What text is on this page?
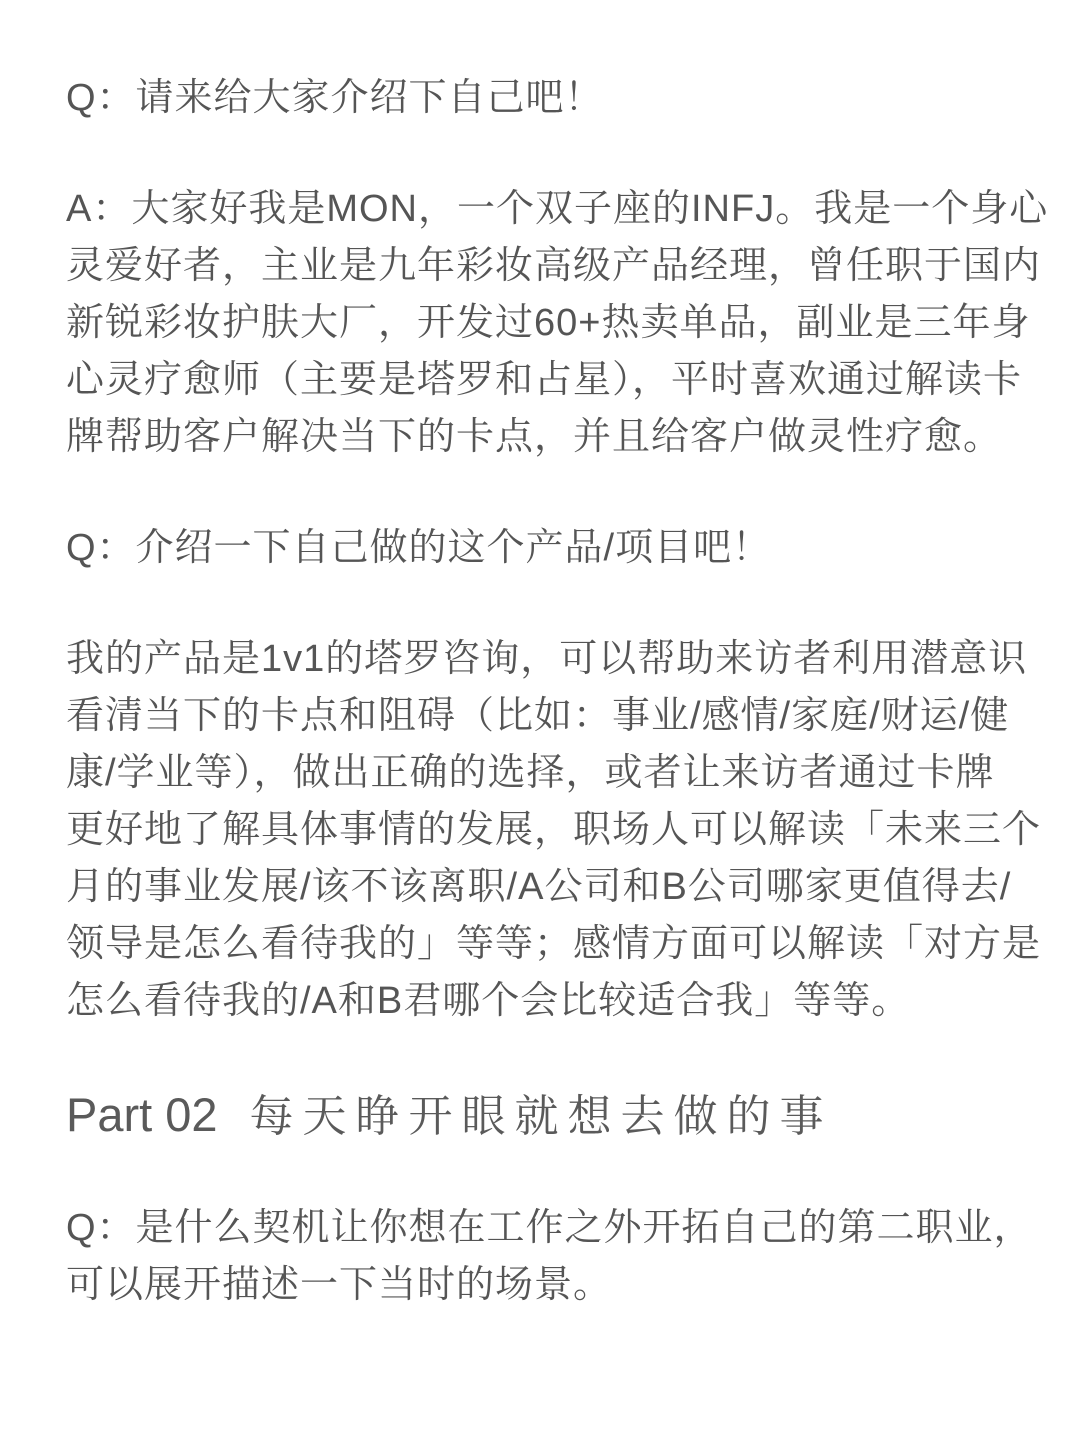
Q：请来给大家介绍下自己吧！
A：大家好我是MON，一个双子座的INFJ。我是一个身心
灵爱好者，主业是九年彩妆高级产品经理，曾任职于国内
新锐彩妆护肤大厂，开发过60+热卖单品，副业是三年身
心灵疗愈师（主要是塔罗和占星），平时喜欢通过解读卡
牌帮助客户解决当下的卡点，并且给客户做灵性疗愈。
Q：介绍一下自己做的这个产品/项目吧！
我的产品是1v1的塔罗咨询，可以帮助来访者利用潜意识
看清当下的卡点和阻碍（比如：事业/感情/家庭/财运/健
康/学业等），做出正确的选择，或者让来访者通过卡牌
更好地了解具体事情的发展，职场人可以解读「未来三个
月的事业发展/该不该离职/A公司和B公司哪家更值得去/
领导是怎么看待我的」等等；感情方面可以解读「对方是
怎么看待我的/A和B君哪个会比较适合我」等等。
Part 02 每天睁开眼就想去做的事
Q：是什么契机让你想在工作之外开拓自己的第二职业，
可以展开描述一下当时的场景。
